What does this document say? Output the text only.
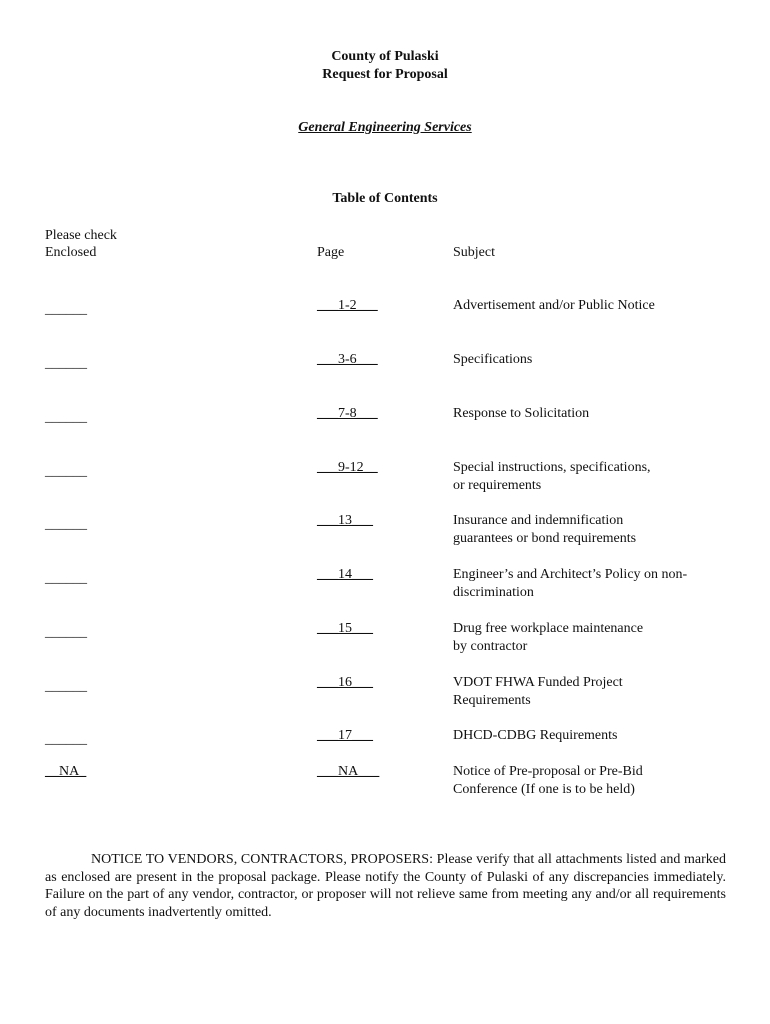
County of Pulaski
Request for Proposal
General Engineering Services
Table of Contents
Please check
Enclosed	Page	Subject
______	___1-2___	Advertisement and/or Public Notice
______	___3-6___	Specifications
______	___7-8___	Response to Solicitation
______	___9-12__	Special instructions, specifications,
or requirements
______	___13___	Insurance and indemnification
guarantees or bond requirements
______	___14___	Engineer’s and Architect’s Policy on non-
discrimination
______	___15___	Drug free workplace maintenance
by contractor
______	___16___	VDOT FHWA Funded Project
Requirements
______	___17___	DHCD-CDBG Requirements
__NA_	___NA___	Notice of Pre-proposal or Pre-Bid
Conference (If one is to be held)
NOTICE TO VENDORS, CONTRACTORS, PROPOSERS: Please verify that all attachments listed and marked as enclosed are present in the proposal package. Please notify the County of Pulaski of any discrepancies immediately. Failure on the part of any vendor, contractor, or proposer will not relieve same from meeting any and/or all requirements of any documents inadvertently omitted.
